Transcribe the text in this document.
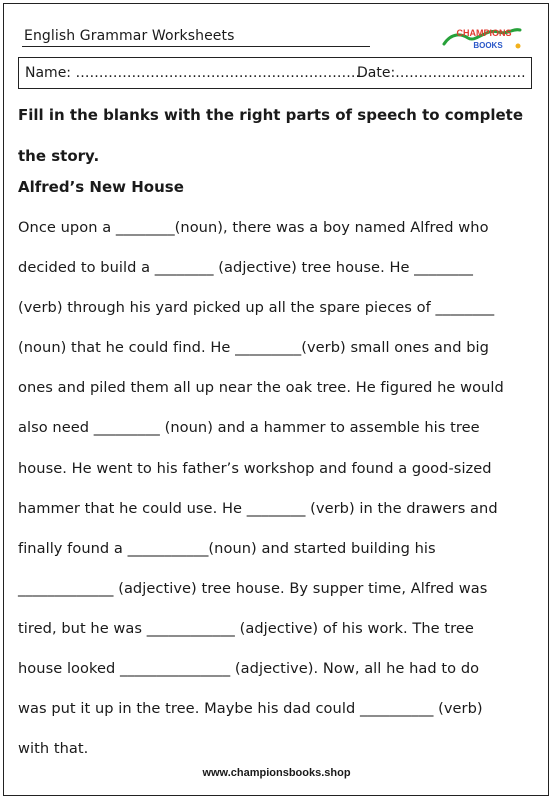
English Grammar Worksheets	CHAMPIONS
BOOKS
Name: …………………………………………………….
Date:……………………….

Fill in the blanks with the right parts of speech to complete the story.

Alfred’s New House

Once upon a ________(noun), there was a boy named Alfred who
decided to build a ________ (adjective) tree house. He ________
(verb) through his yard picked up all the spare pieces of ________
(noun) that he could find. He _________(verb) small ones and big
ones and piled them all up near the oak tree. He figured he would
also need _________ (noun) and a hammer to assemble his tree
house. He went to his father’s workshop and found a good-sized
hammer that he could use. He ________ (verb) in the drawers and
finally found a ___________(noun) and started building his
_____________ (adjective) tree house. By supper time, Alfred was
tired, but he was ____________ (adjective) of his work. The tree
house looked _______________ (adjective). Now, all he had to do
was put it up in the tree. Maybe his dad could __________ (verb)
with that.
www.championsbooks.shop
